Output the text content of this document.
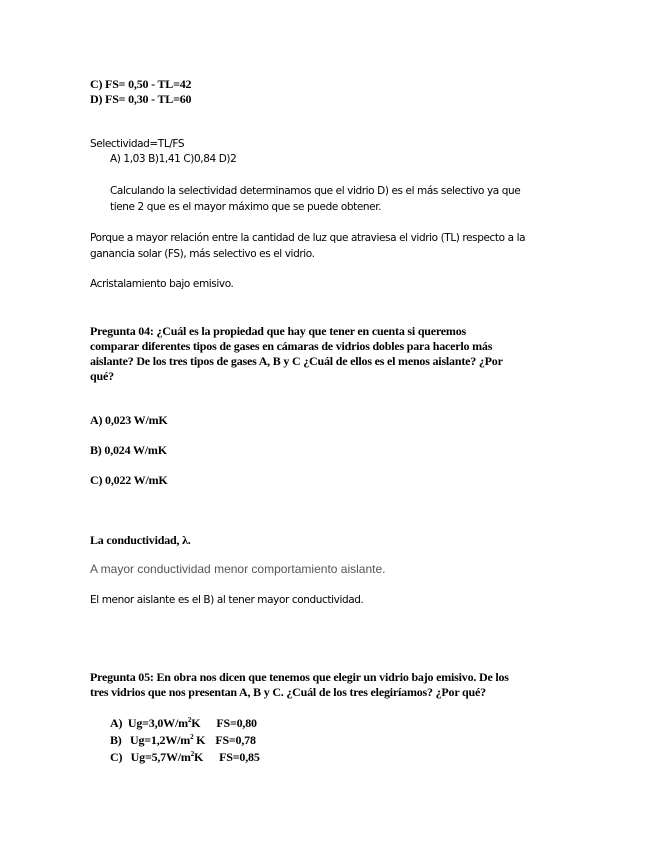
C) FS= 0,50 - TL=42
D) FS= 0,30 - TL=60
Selectividad=TL/FS
A) 1,03 B)1,41 C)0,84 D)2
Calculando la selectividad determinamos que el vidrio D) es el más selectivo ya que
tiene 2 que es el mayor máximo que se puede obtener.
Porque a mayor relación entre la cantidad de luz que atraviesa el vidrio (TL) respecto a la
ganancia solar (FS), más selectivo es el vidrio.
Acristalamiento bajo emisivo.
Pregunta 04: ¿Cuál es la propiedad que hay que tener en cuenta si queremos
comparar diferentes tipos de gases en cámaras de vidrios dobles para hacerlo más
aislante? De los tres tipos de gases A, B y C ¿Cuál de ellos es el menos aislante? ¿Por
qué?
A) 0,023 W/mK
B) 0,024 W/mK
C) 0,022 W/mK
La conductividad, λ.
A mayor conductividad menor comportamiento aislante.
El menor aislante es el B) al tener mayor conductividad.
Pregunta 05: En obra nos dicen que tenemos que elegir un vidrio bajo emisivo. De los
tres vidrios que nos presentan A, B y C. ¿Cuál de los tres elegiríamos? ¿Por qué?
A) $Ug=3,0W/m^2K$ FS=0,80
B) $Ug=1,2W/m^2$ K FS=0,78
C) $Ug=5,7W/m^2K$ FS=0,85
